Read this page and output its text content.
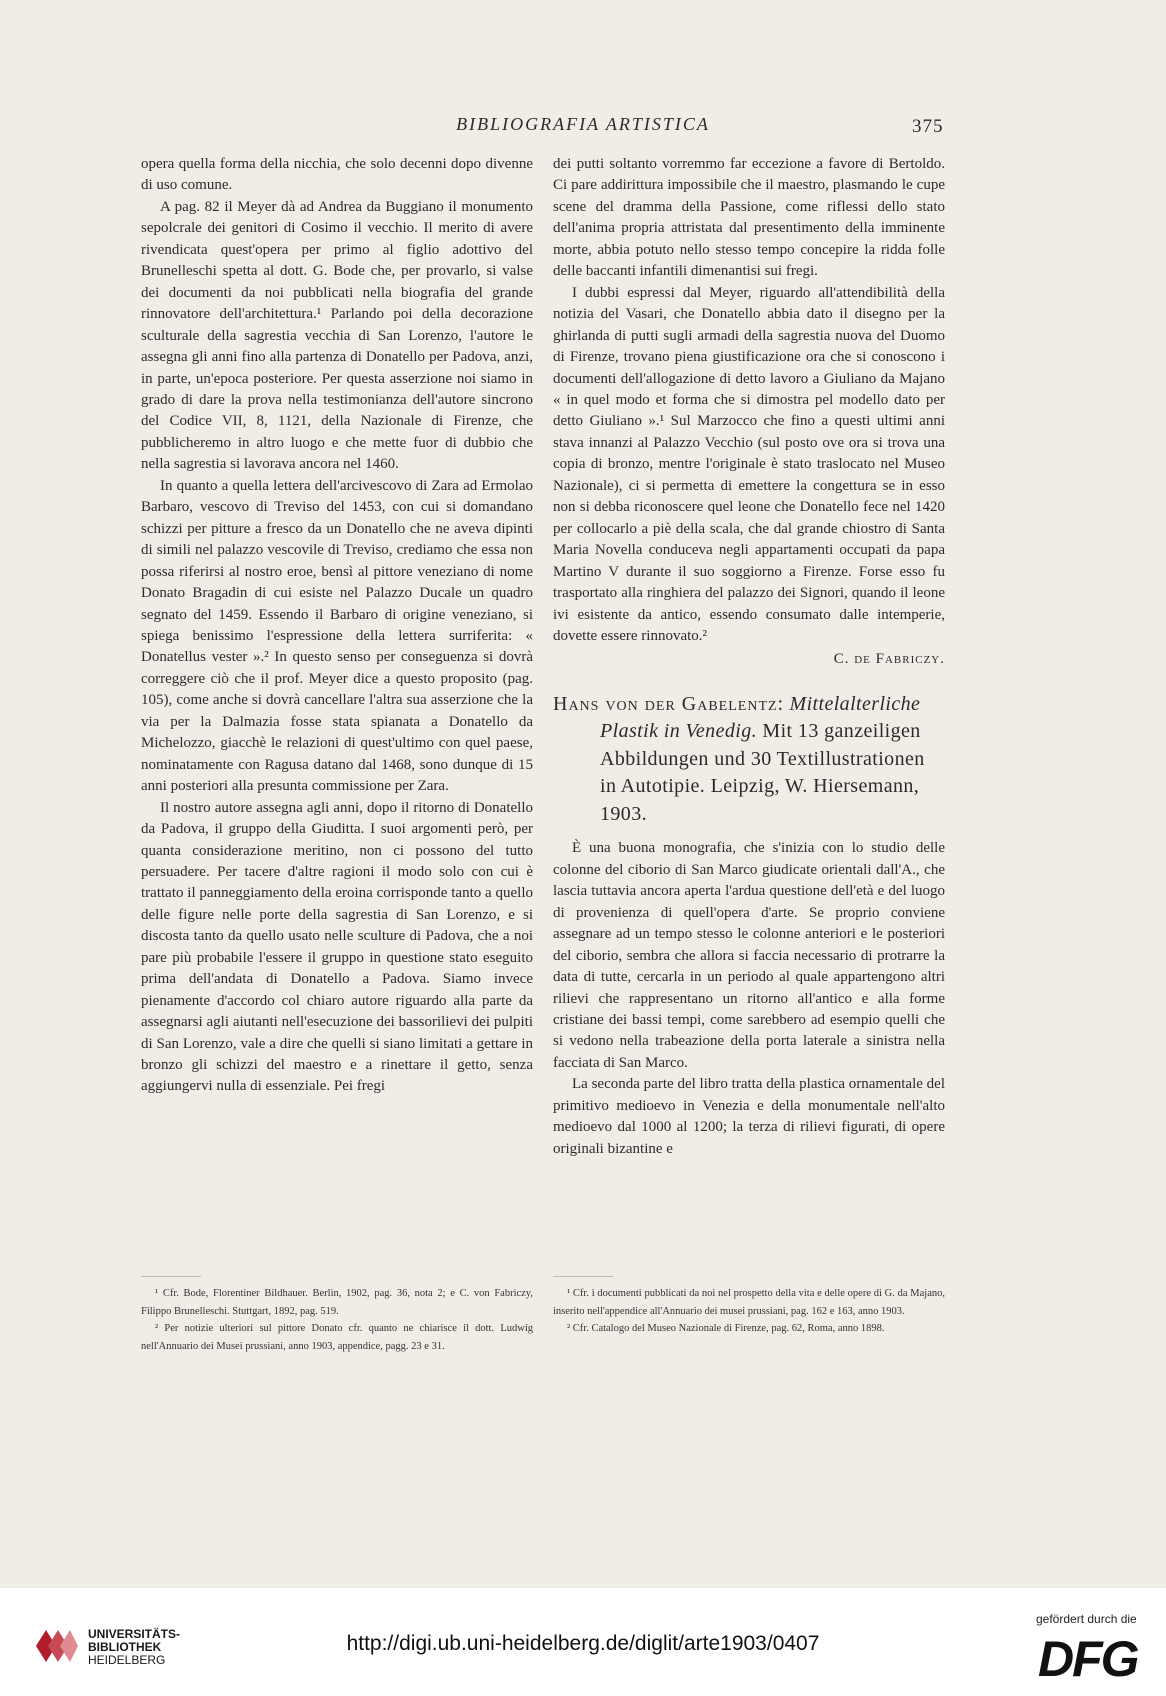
BIBLIOGRAFIA ARTISTICA	375

opera quella forma della nicchia, che solo decenni dopo divenne di uso comune.

A pag. 82 il Meyer dà ad Andrea da Buggiano il monumento sepolcrale dei genitori di Cosimo il vecchio. Il merito di avere rivendicata quest'opera per primo al figlio adottivo del Brunelleschi spetta al dott. G. Bode che, per provarlo, si valse dei documenti da noi pubblicati nella biografia del grande rinnovatore dell'architettura.¹ Parlando poi della decorazione sculturale della sagrestia vecchia di San Lorenzo, l'autore le assegna gli anni fino alla partenza di Donatello per Padova, anzi, in parte, un'epoca posteriore. Per questa asserzione noi siamo in grado di dare la prova nella testimonianza dell'autore sincrono del Codice VII, 8, 1121, della Nazionale di Firenze, che pubblicheremo in altro luogo e che mette fuor di dubbio che nella sagrestia si lavorava ancora nel 1460.

In quanto a quella lettera dell'arcivescovo di Zara ad Ermolao Barbaro, vescovo di Treviso del 1453, con cui si domandano schizzi per pitture a fresco da un Donatello che ne aveva dipinti di simili nel palazzo vescovile di Treviso, crediamo che essa non possa riferirsi al nostro eroe, bensì al pittore veneziano di nome Donato Bragadin di cui esiste nel Palazzo Ducale un quadro segnato del 1459. Essendo il Barbaro di origine veneziano, si spiega benissimo l'espressione della lettera surriferita: « Donatellus vester ».² In questo senso per conseguenza si dovrà correggere ciò che il prof. Meyer dice a questo proposito (pag. 105), come anche si dovrà cancellare l'altra sua asserzione che la via per la Dalmazia fosse stata spianata a Donatello da Michelozzo, giacchè le relazioni di quest'ultimo con quel paese, nominatamente con Ragusa datano dal 1468, sono dunque di 15 anni posteriori alla presunta commissione per Zara.

Il nostro autore assegna agli anni, dopo il ritorno di Donatello da Padova, il gruppo della Giuditta. I suoi argomenti però, per quanta considerazione meritino, non ci possono del tutto persuadere. Per tacere d'altre ragioni il modo solo con cui è trattato il panneggiamento della eroina corrisponde tanto a quello delle figure nelle porte della sagrestia di San Lorenzo, e si discosta tanto da quello usato nelle sculture di Padova, che a noi pare più probabile l'essere il gruppo in questione stato eseguito prima dell'andata di Donatello a Padova. Siamo invece pienamente d'accordo col chiaro autore riguardo alla parte da assegnarsi agli aiutanti nell'esecuzione dei bassorilievi dei pulpiti di San Lorenzo, vale a dire che quelli si siano limitati a gettare in bronzo gli schizzi del maestro e a rinettare il getto, senza aggiungervi nulla di essenziale. Pei fregi

dei putti soltanto vorremmo far eccezione a favore di Bertoldo. Ci pare addirittura impossibile che il maestro, plasmando le cupe scene del dramma della Passione, come riflessi dello stato dell'anima propria attristata dal presentimento della imminente morte, abbia potuto nello stesso tempo concepire la ridda folle delle baccanti infantili dimenantisi sui fregi.

I dubbi espressi dal Meyer, riguardo all'attendibilità della notizia del Vasari, che Donatello abbia dato il disegno per la ghirlanda di putti sugli armadi della sagrestia nuova del Duomo di Firenze, trovano piena giustificazione ora che si conoscono i documenti dell'allogazione di detto lavoro a Giuliano da Majano « in quel modo et forma che si dimostra pel modello dato per detto Giuliano ».¹ Sul Marzocco che fino a questi ultimi anni stava innanzi al Palazzo Vecchio (sul posto ove ora si trova una copia di bronzo, mentre l'originale è stato traslocato nel Museo Nazionale), ci si permetta di emettere la congettura se in esso non si debba riconoscere quel leone che Donatello fece nel 1420 per collocarlo a piè della scala, che dal grande chiostro di Santa Maria Novella conduceva negli appartamenti occupati da papa Martino V durante il suo soggiorno a Firenze. Forse esso fu trasportato alla ringhiera del palazzo dei Signori, quando il leone ivi esistente da antico, essendo consumato dalle intemperie, dovette essere rinnovato.²

C. de Fabriczy.
Hans von der Gabelentz: Mittelalterliche Plastik in Venedig. Mit 13 ganzeiligen Abbildungen und 30 Textillustrationen in Autotipie. Leipzig, W. Hiersemann, 1903.

È una buona monografia, che s'inizia con lo studio delle colonne del ciborio di San Marco giudicate orientali dall'A., che lascia tuttavia ancora aperta l'ardua questione dell'età e del luogo di provenienza di quell'opera d'arte. Se proprio conviene assegnare ad un tempo stesso le colonne anteriori e le posteriori del ciborio, sembra che allora si faccia necessario di protrarre la data di tutte, cercarla in un periodo al quale appartengono altri rilievi che rappresentano un ritorno all'antico e alla forme cristiane dei bassi tempi, come sarebbero ad esempio quelli che si vedono nella trabeazione della porta laterale a sinistra nella facciata di San Marco.

La seconda parte del libro tratta della plastica ornamentale del primitivo medioevo in Venezia e della monumentale nell'alto medioevo dal 1000 al 1200; la terza di rilievi figurati, di opere originali bizantine e

¹ Cfr. Bode, Florentiner Bildhauer. Berlin, 1902, pag. 36, nota 2; e C. von Fabriczy, Filippo Brunelleschi. Stuttgart, 1892, pag. 519.

² Per notizie ulteriori sul pittore Donato cfr. quanto ne chiarisce il dott. Ludwig nell'Annuario dei Musei prussiani, anno 1903, appendice, pagg. 23 e 31.

¹ Cfr. i documenti pubblicati da noi nel prospetto della vita e delle opere di G. da Majano, inserito nell'appendice all'Annuario dei musei prussiani, pag. 162 e 163, anno 1903.

² Cfr. Catalogo del Museo Nazionale di Firenze, pag. 62, Roma, anno 1898.

UNIVERSITÄTS-
BIBLIOTHEK
HEIDELBERG
http://digi.ub.uni-heidelberg.de/diglit/arte1903/0407
gefördert durch die
DFG
